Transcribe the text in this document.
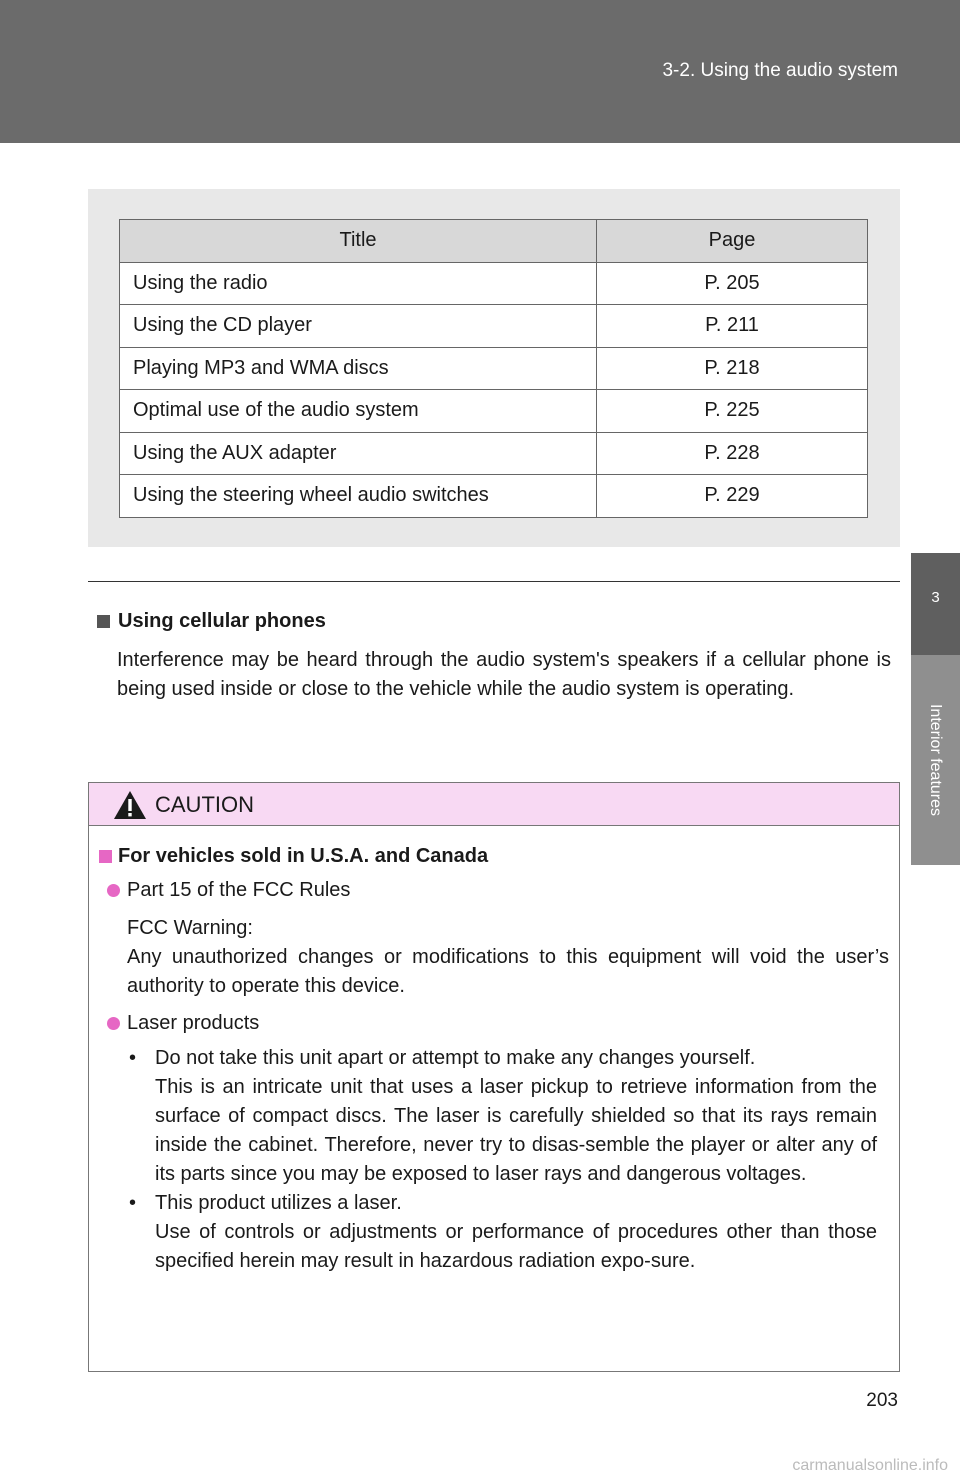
3-2. Using the audio system
3
Interior features
Title	Page
Using the radio	P. 205
Using the CD player	P. 211
Playing MP3 and WMA discs	P. 218
Optimal use of the audio system	P. 225
Using the AUX adapter	P. 228
Using the steering wheel audio switches	P. 229
Using cellular phones
Interference may be heard through the audio system's speakers if a cellular phone is being used inside or close to the vehicle while the audio system is operating.
CAUTION
For vehicles sold in U.S.A. and Canada
Part 15 of the FCC Rules
FCC Warning:
Any unauthorized changes or modifications to this equipment will void the user’s authority to operate this device.
Laser products
• Do not take this unit apart or attempt to make any changes yourself.
This is an intricate unit that uses a laser pickup to retrieve information from the surface of compact discs. The laser is carefully shielded so that its rays remain inside the cabinet. Therefore, never try to disas-semble the player or alter any of its parts since you may be exposed to laser rays and dangerous voltages.
• This product utilizes a laser.
Use of controls or adjustments or performance of procedures other than those specified herein may result in hazardous radiation expo-sure.
203
carmanualsonline.info
